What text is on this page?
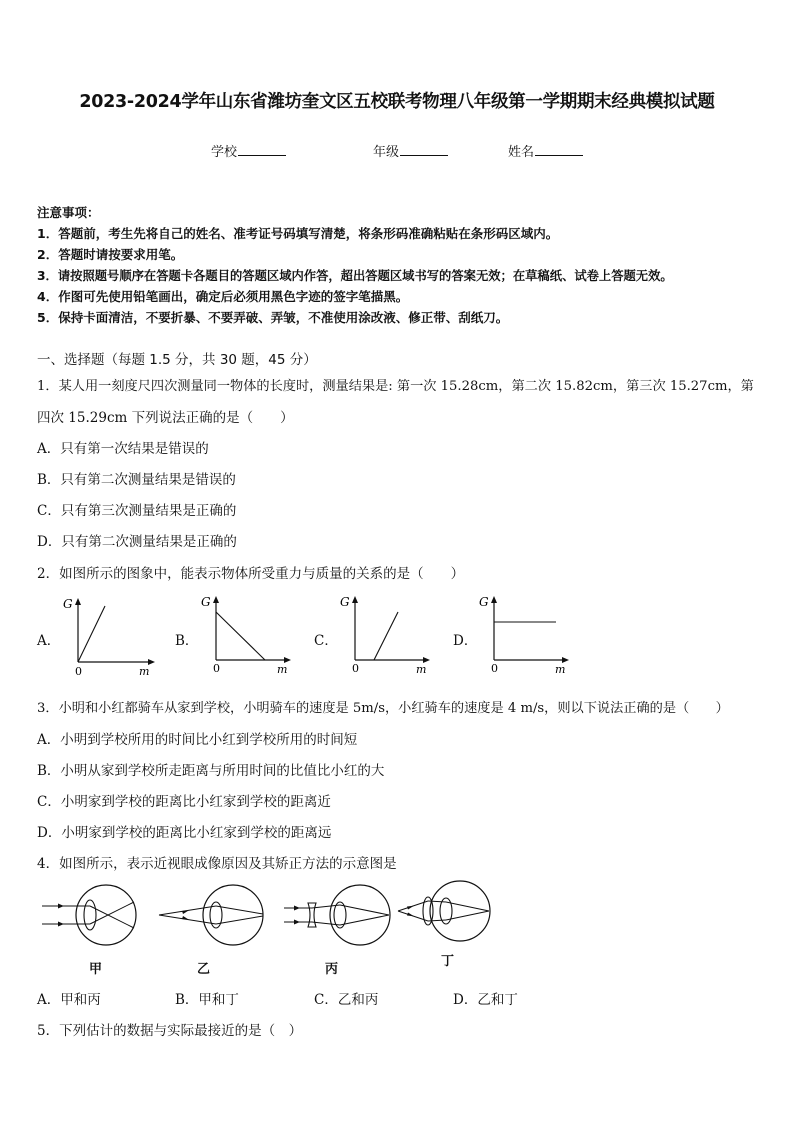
2023-2024学年山东省潍坊奎文区五校联考物理八年级第一学期期末经典模拟试题
学校	年级	姓名
注意事项：
1．答题前，考生先将自己的姓名、准考证号码填写清楚，将条形码准确粘贴在条形码区域内。
2．答题时请按要求用笔。
3．请按照题号顺序在答题卡各题目的答题区域内作答，超出答题区域书写的答案无效；在草稿纸、试卷上答题无效。
4．作图可先使用铅笔画出，确定后必须用黑色字迹的签字笔描黑。
5．保持卡面清洁，不要折暴、不要弄破、弄皱，不准使用涂改液、修正带、刮纸刀。
一、选择题（每题 1.5 分，共 30 题，45 分）
1．某人用一刻度尺四次测量同一物体的长度时，测量结果是: 第一次 15.28cm，第二次 15.82cm，第三次 15.27cm，第
四次 15.29cm 下列说法正确的是（　　）
A．只有第一次结果是错误的
B．只有第二次测量结果是错误的
C．只有第三次测量结果是正确的
D．只有第二次测量结果是正确的
2．如图所示的图象中，能表示物体所受重力与质量的关系的是（　　）
A．	B．	C．	D．
G
0	m
G
0	m
G
0	m
G
0	m
3．小明和小红都骑车从家到学校，小明骑车的速度是 5m/s，小红骑车的速度是 4 m/s，则以下说法正确的是（　　）
A．小明到学校所用的时间比小红到学校所用的时间短
B．小明从家到学校所走距离与所用时间的比值比小红的大
C．小明家到学校的距离比小红家到学校的距离近
D．小明家到学校的距离比小红家到学校的距离远
4．如图所示，表示近视眼成像原因及其矫正方法的示意图是
甲	乙	丙
丁
A．甲和丙	B．甲和丁	C．乙和丙	D．乙和丁
5．下列估计的数据与实际最接近的是（　）
